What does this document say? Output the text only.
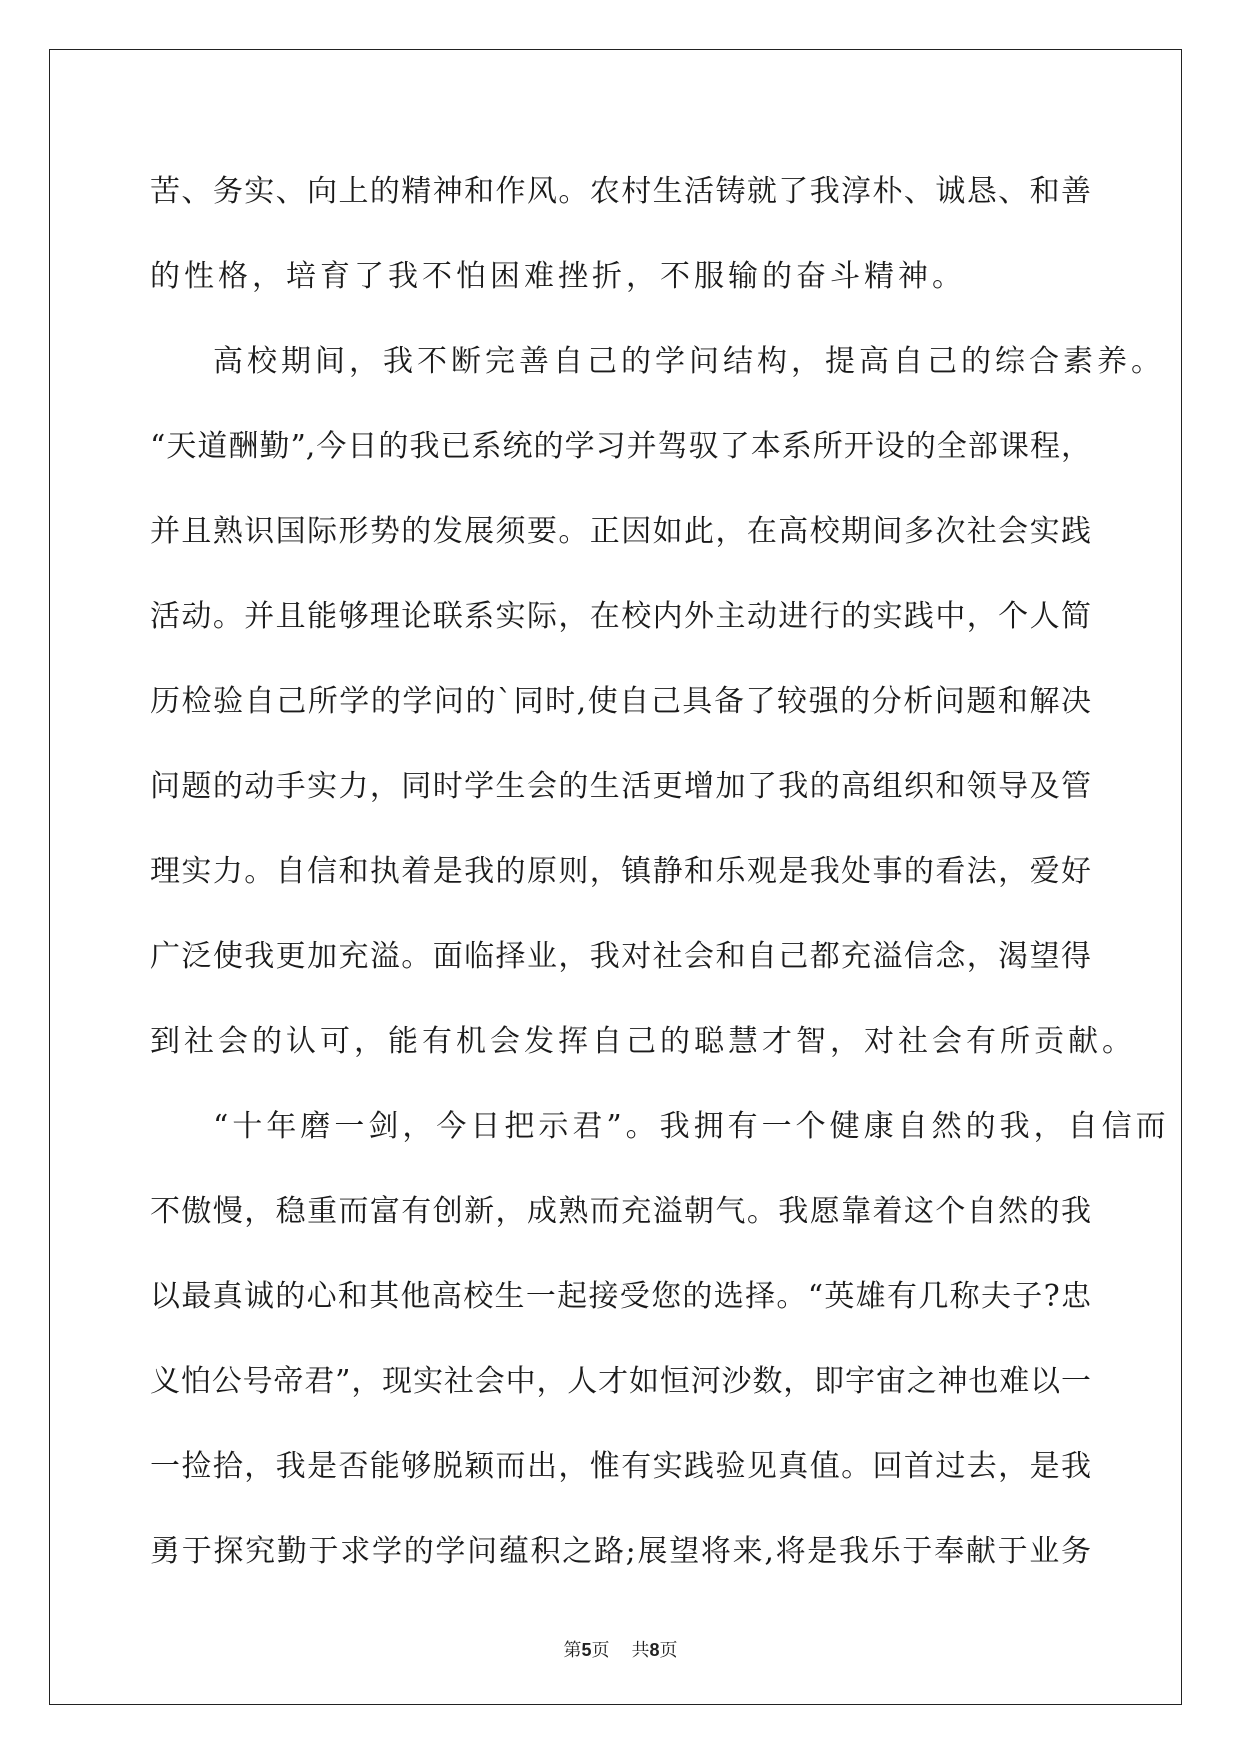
苦、务实、向上的精神和作风。农村生活铸就了我淳朴、诚恳、和善
的性格，培育了我不怕困难挫折，不服输的奋斗精神。
高校期间，我不断完善自己的学问结构，提高自己的综合素养。
“天道酬勤”,今日的我已系统的学习并驾驭了本系所开设的全部课程，
并且熟识国际形势的发展须要。正因如此，在高校期间多次社会实践
活动。并且能够理论联系实际，在校内外主动进行的实践中，个人简
历检验自己所学的学问的`同时,使自己具备了较强的分析问题和解决
问题的动手实力，同时学生会的生活更增加了我的高组织和领导及管
理实力。自信和执着是我的原则，镇静和乐观是我处事的看法，爱好
广泛使我更加充溢。面临择业，我对社会和自己都充溢信念，渴望得
到社会的认可，能有机会发挥自己的聪慧才智，对社会有所贡献。
“十年磨一剑，今日把示君”。我拥有一个健康自然的我，自信而
不傲慢，稳重而富有创新，成熟而充溢朝气。我愿靠着这个自然的我
以最真诚的心和其他高校生一起接受您的选择。“英雄有几称夫子?忠
义怕公号帝君”，现实社会中，人才如恒河沙数，即宇宙之神也难以一
一捡拾，我是否能够脱颖而出，惟有实践验见真值。回首过去，是我
勇于探究勤于求学的学问蕴积之路;展望将来,将是我乐于奉献于业务
第5页 共8页
